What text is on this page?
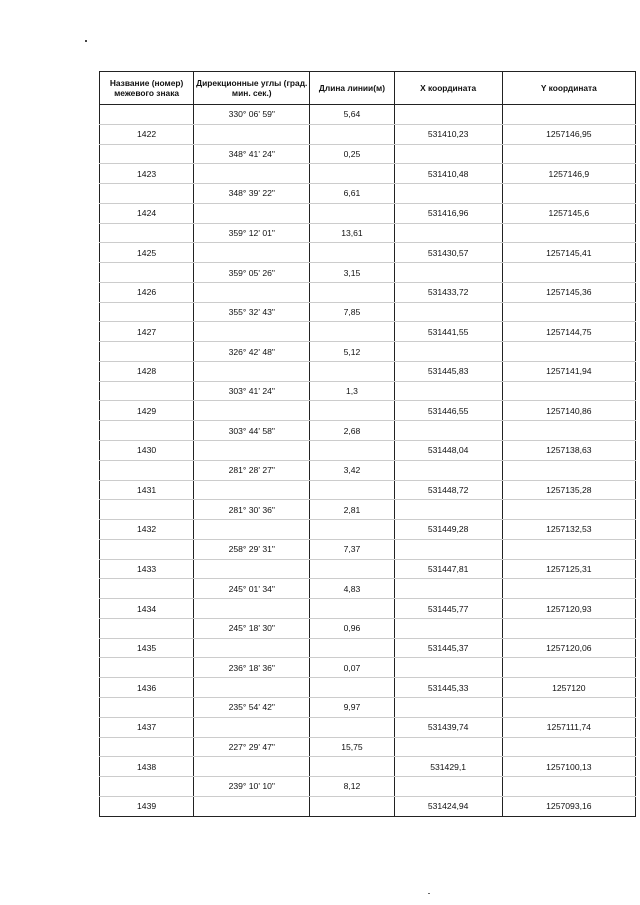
Название (номер) межевого знака	Дирекционные углы (град. мин. сек.)	Длина линии(м)	X координата	Y координата
	330° 06' 59"	5,64		
1422			531410,23	1257146,95
	348° 41' 24"	0,25		
1423			531410,48	1257146,9
	348° 39' 22"	6,61		
1424			531416,96	1257145,6
	359° 12' 01"	13,61		
1425			531430,57	1257145,41
	359° 05' 26"	3,15		
1426			531433,72	1257145,36
	355° 32' 43"	7,85		
1427			531441,55	1257144,75
	326° 42' 48"	5,12		
1428			531445,83	1257141,94
	303° 41' 24"	1,3		
1429			531446,55	1257140,86
	303° 44' 58"	2,68		
1430			531448,04	1257138,63
	281° 28' 27"	3,42		
1431			531448,72	1257135,28
	281° 30' 36"	2,81		
1432			531449,28	1257132,53
	258° 29' 31"	7,37		
1433			531447,81	1257125,31
	245° 01' 34"	4,83		
1434			531445,77	1257120,93
	245° 18' 30"	0,96		
1435			531445,37	1257120,06
	236° 18' 36"	0,07		
1436			531445,33	1257120
	235° 54' 42"	9,97		
1437			531439,74	1257111,74
	227° 29' 47"	15,75		
1438			531429,1	1257100,13
	239° 10' 10"	8,12		
1439			531424,94	1257093,16
